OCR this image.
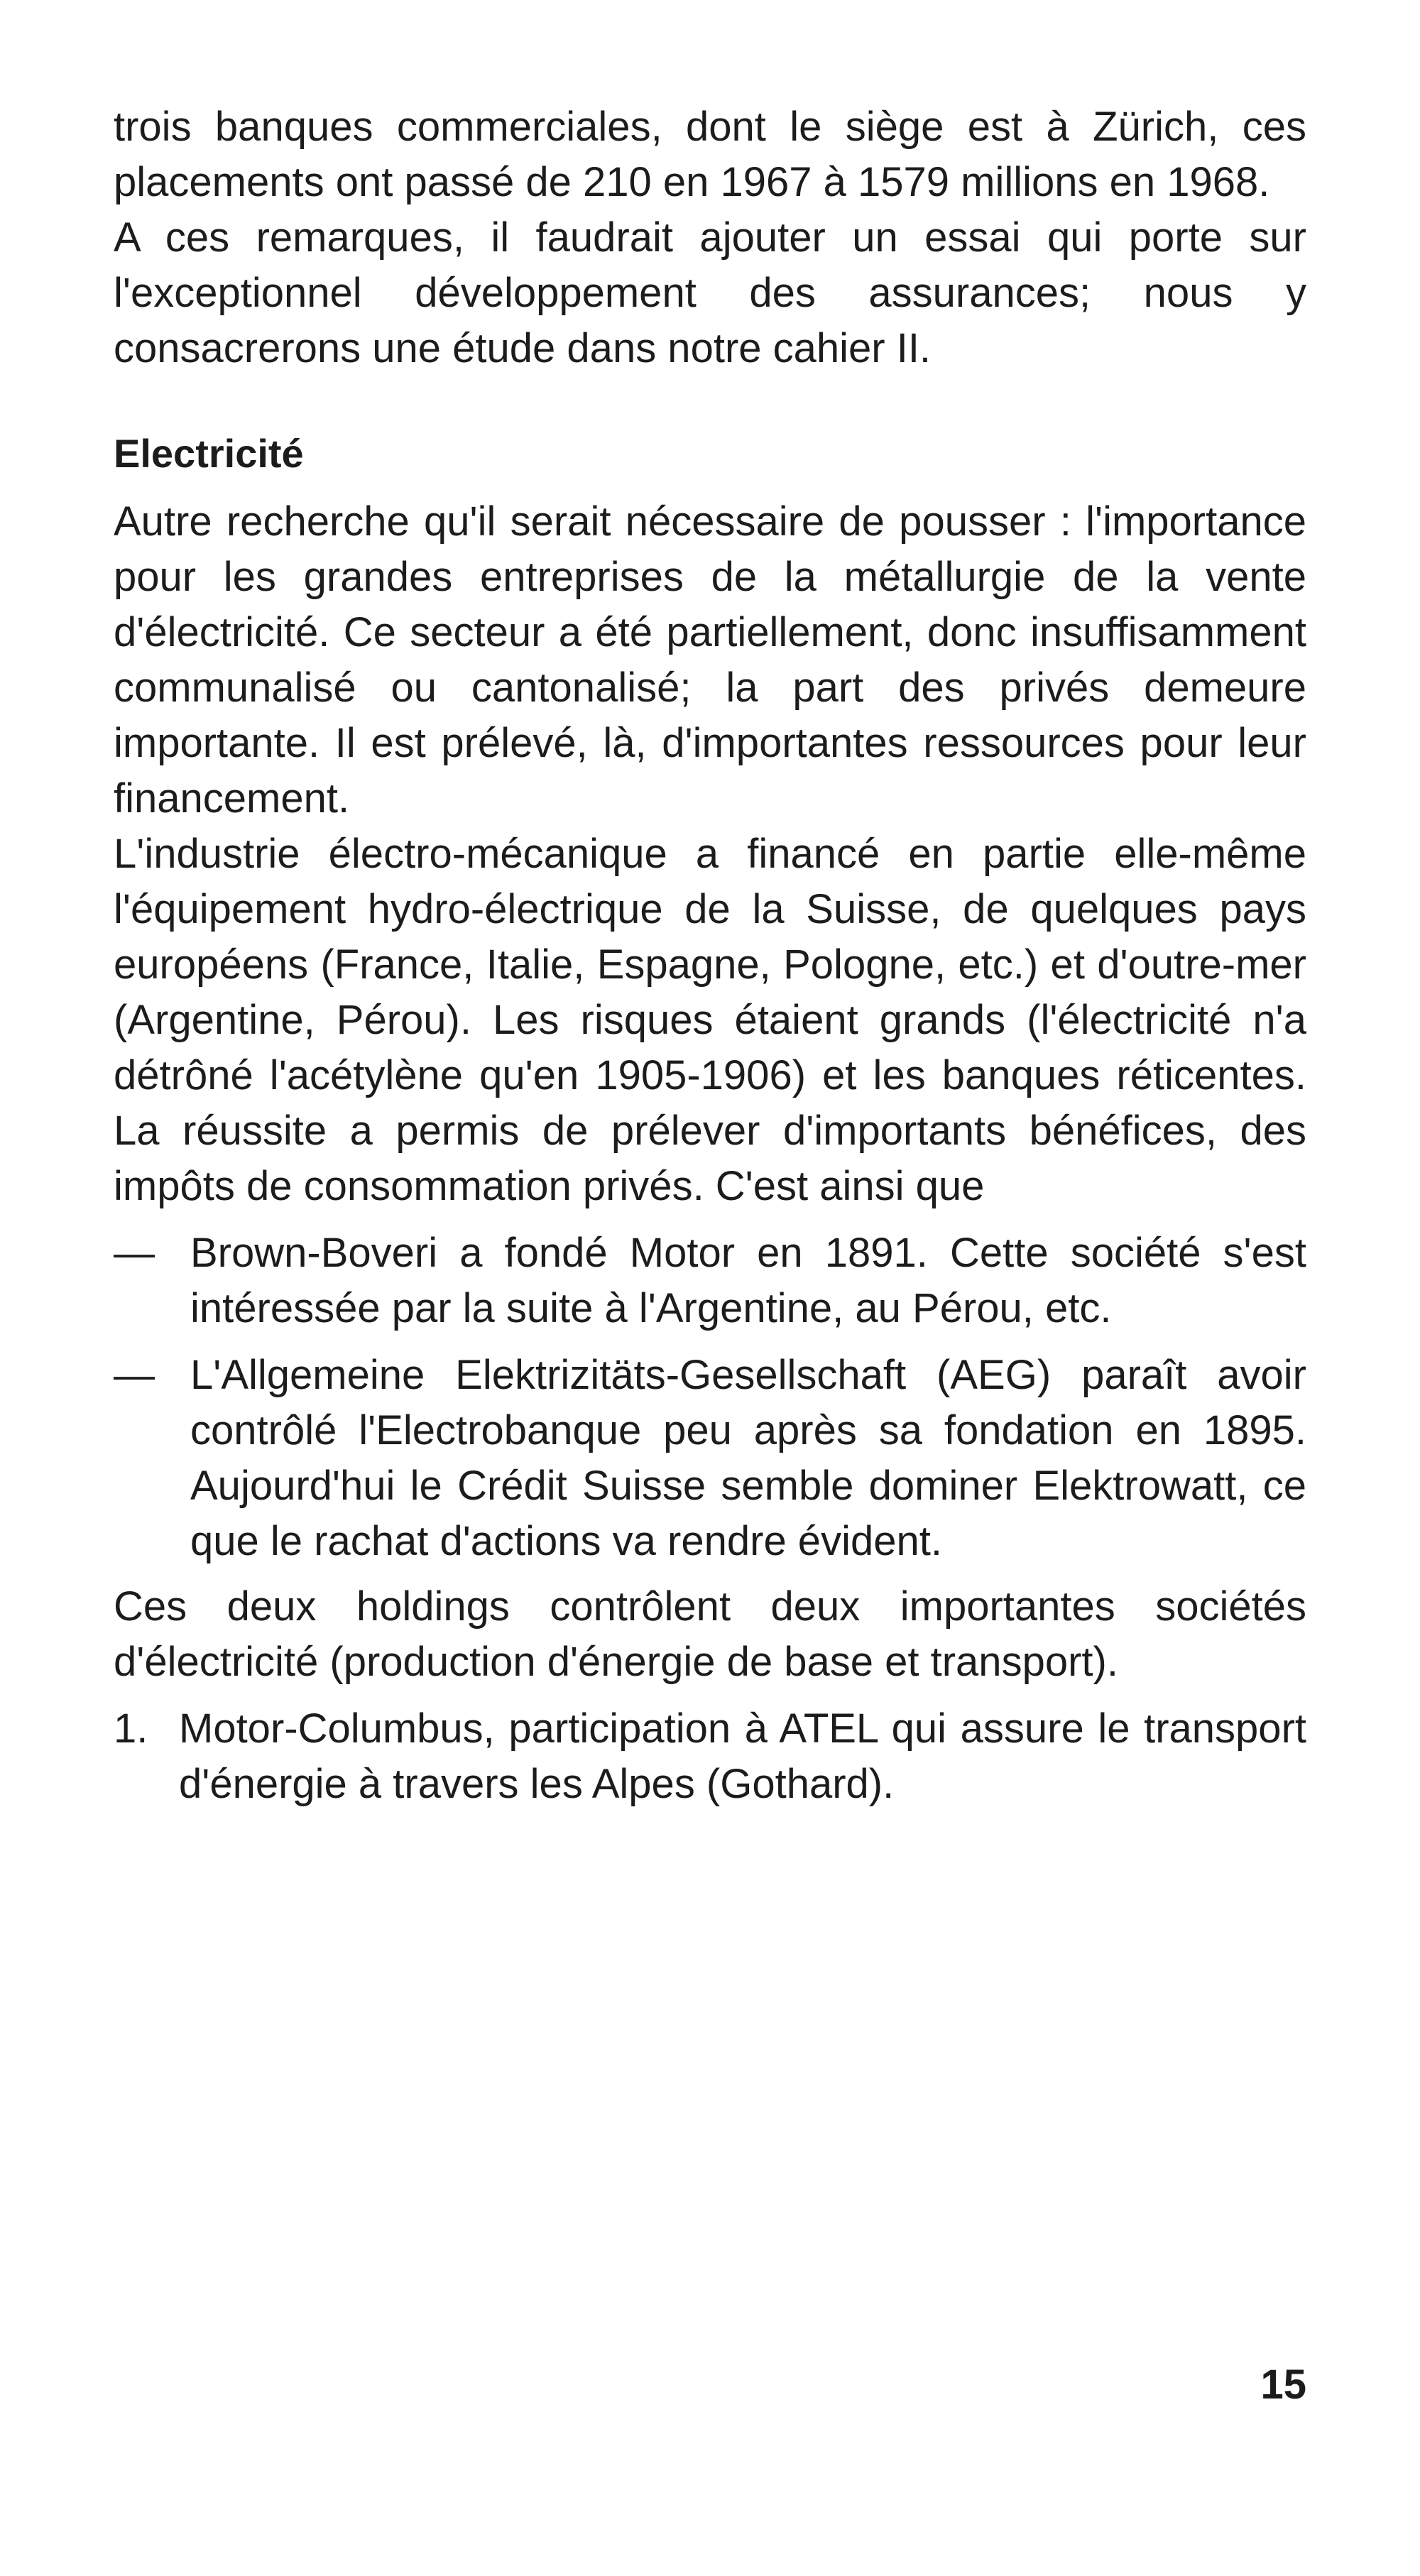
trois banques commerciales, dont le siège est à Zürich, ces placements ont passé de 210 en 1967 à 1579 millions en 1968.

A ces remarques, il faudrait ajouter un essai qui porte sur l'exceptionnel développement des assurances; nous y consacrerons une étude dans notre cahier II.

Electricité

Autre recherche qu'il serait nécessaire de pousser : l'importance pour les grandes entreprises de la métallurgie de la vente d'électricité. Ce secteur a été partiellement, donc insuffisamment communalisé ou cantonalisé; la part des privés demeure importante. Il est prélevé, là, d'importantes ressources pour leur financement.

L'industrie électro-mécanique a financé en partie elle-même l'équipement hydro-électrique de la Suisse, de quelques pays européens (France, Italie, Espagne, Pologne, etc.) et d'outre-mer (Argentine, Pérou). Les risques étaient grands (l'électricité n'a détrôné l'acétylène qu'en 1905-1906) et les banques réticentes. La réussite a permis de prélever d'importants bénéfices, des impôts de consommation privés. C'est ainsi que

— Brown-Boveri a fondé Motor en 1891. Cette société s'est intéressée par la suite à l'Argentine, au Pérou, etc.

— L'Allgemeine Elektrizitäts-Gesellschaft (AEG) paraît avoir contrôlé l'Electrobanque peu après sa fondation en 1895. Aujourd'hui le Crédit Suisse semble dominer Elektrowatt, ce que le rachat d'actions va rendre évident.

Ces deux holdings contrôlent deux importantes sociétés d'électricité (production d'énergie de base et transport).

1. Motor-Columbus, participation à ATEL qui assure le transport d'énergie à travers les Alpes (Gothard).

15
